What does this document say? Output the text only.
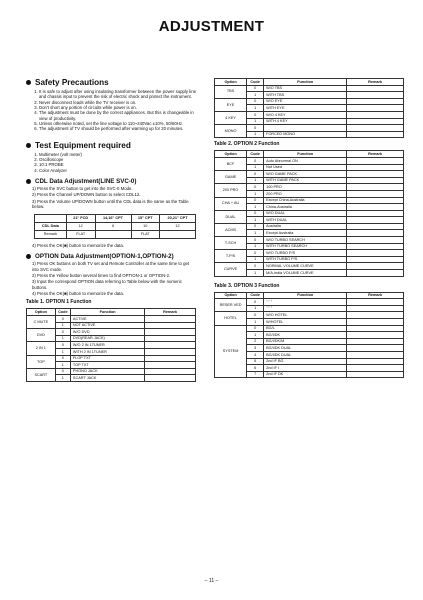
ADJUSTMENT
Safety Precautions
1. It is safe to adjust after using insulating transformer between the power supply line and chassis input to prevent the risk of electric shock and protect the instrument.
2. Never disconnect leads while the TV receiver is on.
3. Don't short any portion of circuits while power is on.
4. The adjustment must be done by the correct appliances. But this is changeable in view of productivity.
5. Unless otherwise noted, set the line voltage to 110~240Vac ±10%, 50/60Hz.
6. The adjustment of TV should be performed after warming up for 20 minutes.
Test Equipment required
1. Multimeter (volt meter)
2. Oscilloscope
3. 10:1 PROBE
4. Color Analyzer
CDL Data Adjustment(LINE SVC-0)
1) Press the SVC button to get into the SVC-0 Mode.
2) Press the Channel UP/DOWN button to select CDL12.
3) Press the Volume UP/DOWN button until the CDL data is the same as the Table below.
	21'' FCD	14,16'' CPT	15'' CPT	20,21'' CPT
CDL Data	12	6	10	12
Remark	FLAT		FLAT	
4) Press the OK(■) button to memorize the data.
OPTION Data Adjustment(OPTION-1,OPTION-2)
1) Press OK buttons on both TV set and Remote Controller at the same time to get into SVC mode.
2) Press the Yellow button several times to find OPTION-1 or OPTION-2.
3) Input the correspond OPTION data referring to Table below with the numeric buttons.
4) Press the OK(■) button to memorize the data.
Table 1. OPTION 1 Function
Option	Code	Function	Remark
C MUTE	0	ACTIVE	
	1	NOT ACTIVE	
DVD	0	W/O DVD	
	1	DVD(REAR JACK)	
2 IN 1	0	W/O 2 IN 1TUNER	
	1	WITH 2 IN 1TUNER	
TOP	0	FLOP TXT	
	1	TOP TXT	
SCART	0	PHONO JACK	
	1	SCART JACK	
Option	Code	Function	Remark
TBS	0	W/O TBS	
	1	WITH TBS	
EYE	0	W/O EYE	
	1	WITH EYE	
4 KEY	0	W/O 4 KEY	
	1	WITH 4 KEY	
MONO	0		
	1	FORCED MONO	
Table 2. OPTION 2 Function
Option	Code	Function	Remark
BCF	0	Auto Abnormal ON	
	1	Not Used	
GAME	0	W/O GAME PACK	
	1	WITH GAME PACK	
200 PRO	0	100 PRO	
	1	200 PRO	
CHA + AU	0	Except China,Australia	
	1	China,Australia	
DUAL	0	W/O DUAL	
	1	WITH DUAL	
ACMS	0	Australia	
	1	Except Australia	
T-SCH	0	W/O TURBO SEARCH	
	1	WITH TURBO SEARCH	
T-P/S	0	W/O TURBO P/S	
	1	WITH TURBO P/S	
CURVE	0	NORMAL VOLUME CURVE	
	1	M/A,India VOLUME CURVE	
Table 3. OPTION 3 Function
Option	Code	Function	Remark
RESER VED	0	" " "	
	1	" " "	
HOTEL	0	W/O HOTEL	
	1	W/HOTEL	
SYSTEM	0	BG/L	
	1	BG/I/DK	
	2	BG/I/DK/M	
	3	BG/I/DK DUAL	
	4	BG/I/DK DUAL	
	5	2nd IF BG	
	6	2nd IF I	
	7	2nd IF DK	
– 11 –
